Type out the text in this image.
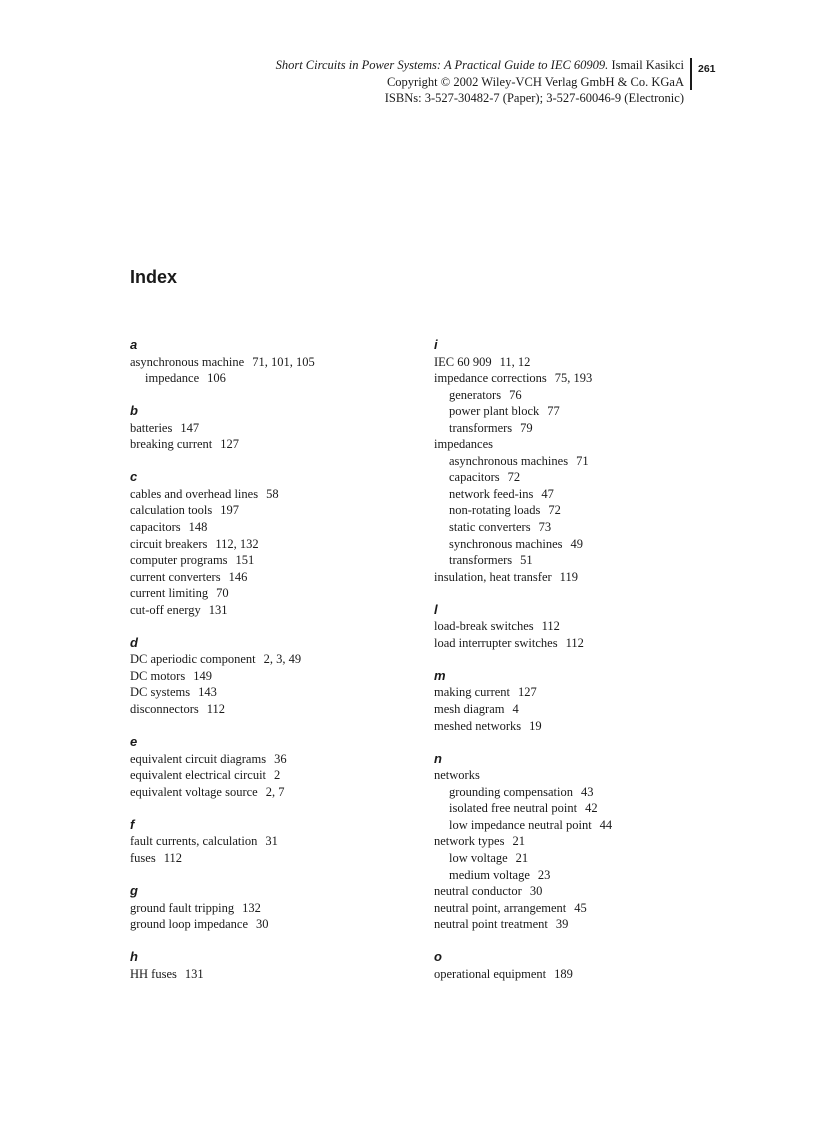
Short Circuits in Power Systems: A Practical Guide to IEC 60909. Ismail Kasikci
Copyright © 2002 Wiley-VCH Verlag GmbH & Co. KGaA
ISBNs: 3-527-30482-7 (Paper); 3-527-60046-9 (Electronic)
261
Index
a
asynchronous machine 71, 101, 105
impedance 106
b
batteries 147
breaking current 127
c
cables and overhead lines 58
calculation tools 197
capacitors 148
circuit breakers 112, 132
computer programs 151
current converters 146
current limiting 70
cut-off energy 131
d
DC aperiodic component 2, 3, 49
DC motors 149
DC systems 143
disconnectors 112
e
equivalent circuit diagrams 36
equivalent electrical circuit 2
equivalent voltage source 2, 7
f
fault currents, calculation 31
fuses 112
g
ground fault tripping 132
ground loop impedance 30
h
HH fuses 131
i
IEC 60 909 11, 12
impedance corrections 75, 193
generators 76
power plant block 77
transformers 79
impedances
asynchronous machines 71
capacitors 72
network feed-ins 47
non-rotating loads 72
static converters 73
synchronous machines 49
transformers 51
insulation, heat transfer 119
l
load-break switches 112
load interrupter switches 112
m
making current 127
mesh diagram 4
meshed networks 19
n
networks
grounding compensation 43
isolated free neutral point 42
low impedance neutral point 44
network types 21
low voltage 21
medium voltage 23
neutral conductor 30
neutral point, arrangement 45
neutral point treatment 39
o
operational equipment 189
